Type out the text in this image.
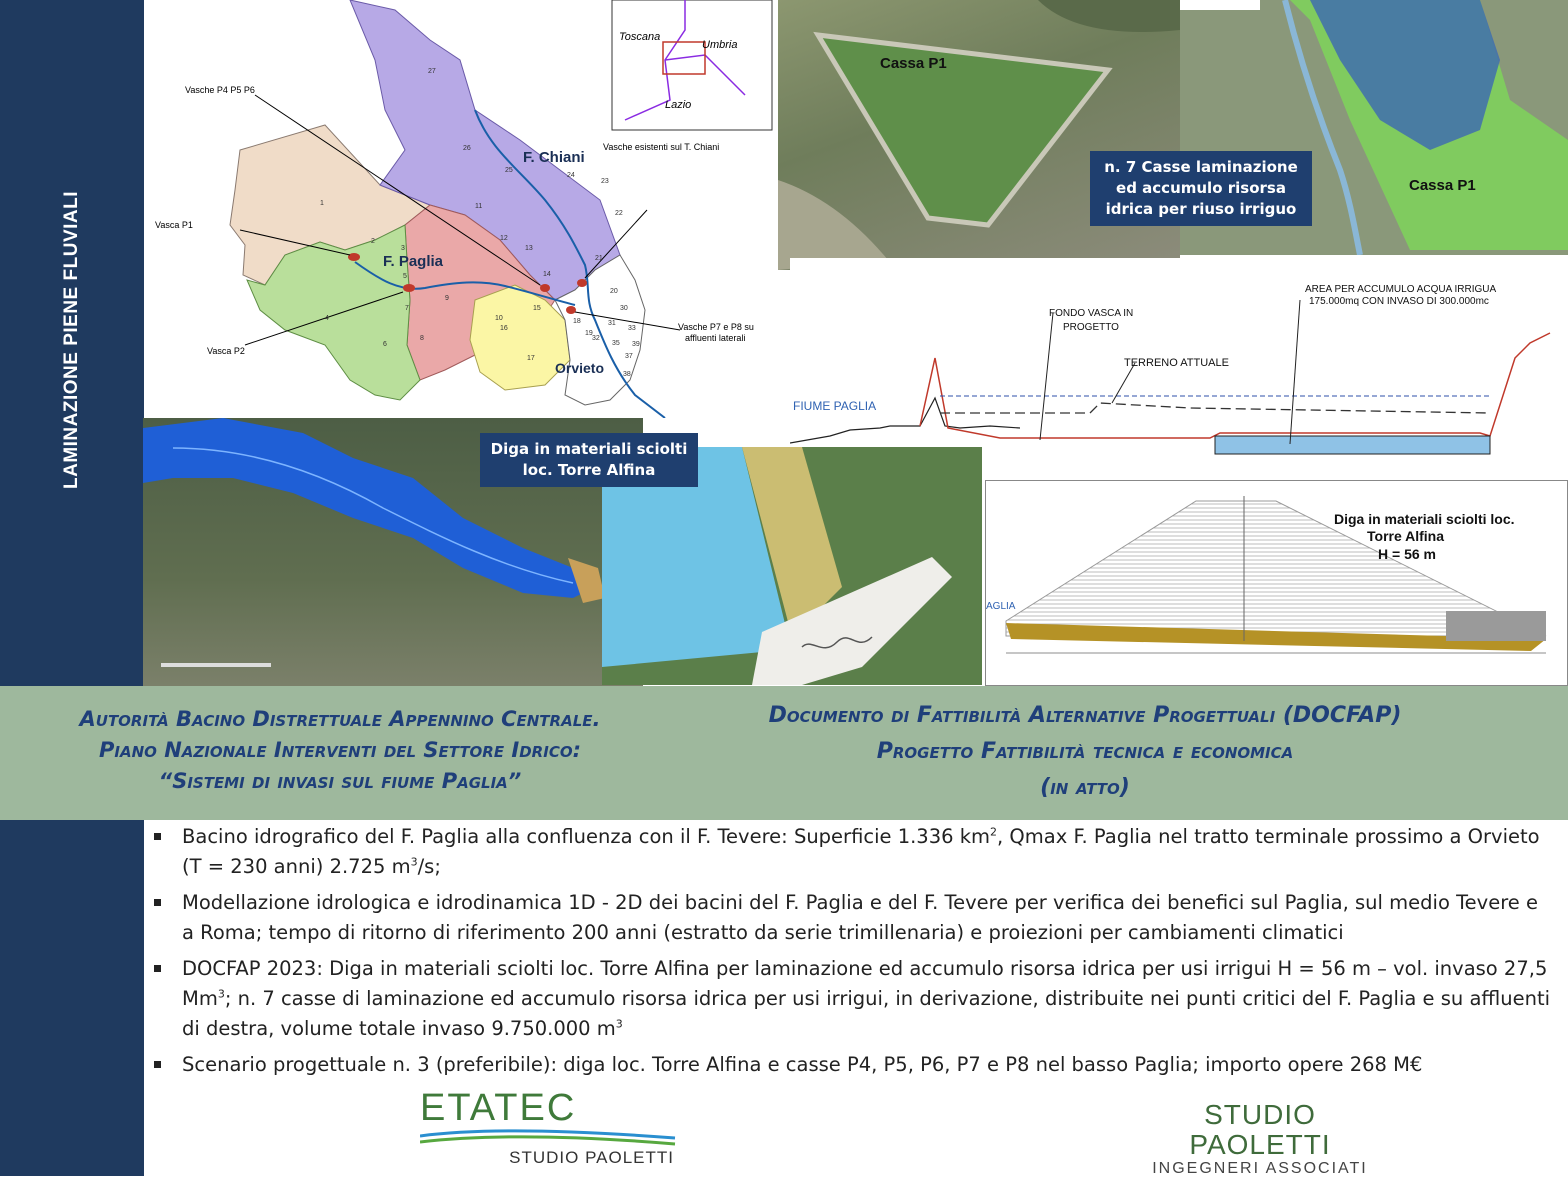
LAMINAZIONE PIENE FLUVIALI
Toscana
Umbria
Lazio
Vasche P4 P5 P6
Vasche esistenti sul T. Chiani
Vasca P1
Vasca P2
Vasche P7 e P8 su
affluenti laterali
F. Chiani
F. Paglia
Orvieto
27
26
25
24
23
22
21
20
1
2
3
4
5
6
7
8
9
10
11
12
13
14
15
16
17
18
19
30
31
32
33
35
37
38
39
Cassa P1
Cassa P1
n. 7 Casse laminazione
ed accumulo risorsa
idrica per riuso irriguo
AREA PER ACCUMULO ACQUA IRRIGUA
175.000mq CON INVASO DI 300.000mc
FONDO VASCA IN
PROGETTO
TERRENO ATTUALE
FIUME PAGLIA
Diga in materiali sciolti
loc. Torre Alfina
Diga in materiali sciolti loc.
Torre Alfina
H = 56 m
AGLIA
Autorità Bacino Distrettuale Appennino Centrale.
Piano Nazionale Interventi del Settore Idrico:
“Sistemi di invasi sul fiume Paglia”
Documento di Fattibilità Alternative Progettuali (DOCFAP)
Progetto Fattibilità tecnica e economica
(in atto)
Bacino idrografico del F. Paglia alla confluenza con il F. Tevere: Superficie 1.336 $km^2$, Qmax F. Paglia nel tratto terminale prossimo a Orvieto (T = 230 anni) 2.725 $m^3/s$;
Modellazione idrologica e idrodinamica 1D - 2D dei bacini del F. Paglia e del F. Tevere per verifica dei benefici sul Paglia, sul medio Tevere e a Roma; tempo di ritorno di riferimento 200 anni (estratto da serie trimillenaria) e proiezioni per cambiamenti climatici
DOCFAP 2023: Diga in materiali sciolti loc. Torre Alfina per laminazione ed accumulo risorsa idrica per usi irrigui H = 56 m – vol. invaso 27,5 Mm$^3$; n. 7 casse di laminazione ed accumulo risorsa idrica per usi irrigui, in derivazione, distribuite nei punti critici del F. Paglia e su affluenti di destra, volume totale invaso 9.750.000 $m^3$
Scenario progettuale n. 3 (preferibile): diga loc. Torre Alfina e casse P4, P5, P6, P7 e P8 nel basso Paglia; importo opere 268 M€
ETATEC
STUDIO PAOLETTI
STUDIO PAOLETTI
INGEGNERI ASSOCIATI
